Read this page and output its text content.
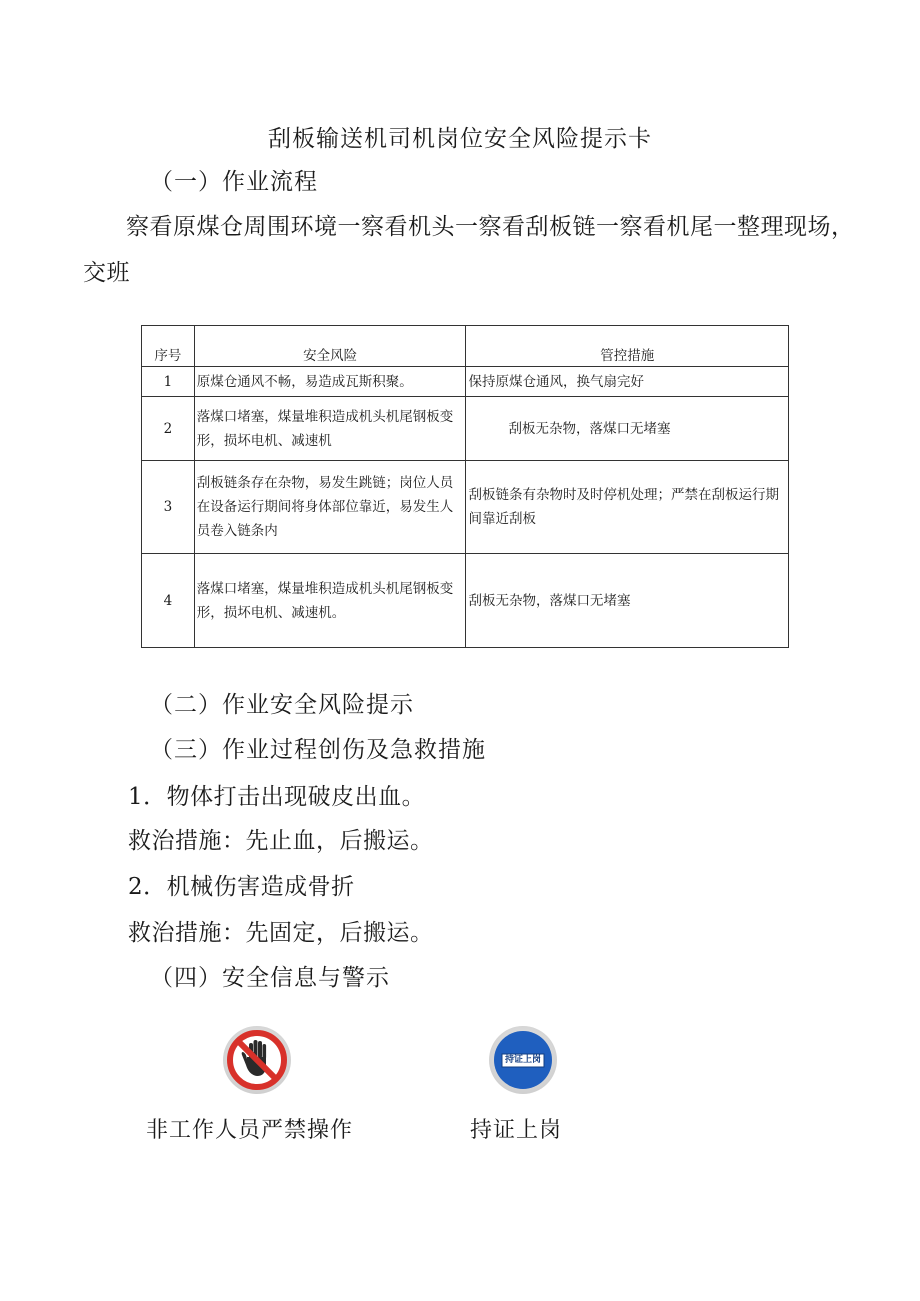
刮板输送机司机岗位安全风险提示卡
（一）作业流程
察看原煤仓周围环境一察看机头一察看刮板链一察看机尾一整理现场，
交班
序号	安全风险	管控措施
1	原煤仓通风不畅，易造成瓦斯积聚。	保持原煤仓通风，换气扇完好
2	落煤口堵塞，煤量堆积造成机头机尾钢板变形，损坏电机、减速机	刮板无杂物，落煤口无堵塞
3	刮板链条存在杂物，易发生跳链；岗位人员在设备运行期间将身体部位靠近，易发生人员卷入链条内	刮板链条有杂物时及时停机处理；严禁在刮板运行期间靠近刮板
4	落煤口堵塞，煤量堆积造成机头机尾钢板变形，损坏电机、减速机。	刮板无杂物，落煤口无堵塞
（二）作业安全风险提示
（三）作业过程创伤及急救措施
1．物体打击出现破皮出血。
救治措施：先止血，后搬运。
2．机械伤害造成骨折
救治措施：先固定，后搬运。
（四）安全信息与警示
持证上岗
非工作人员严禁操作	持证上岗
